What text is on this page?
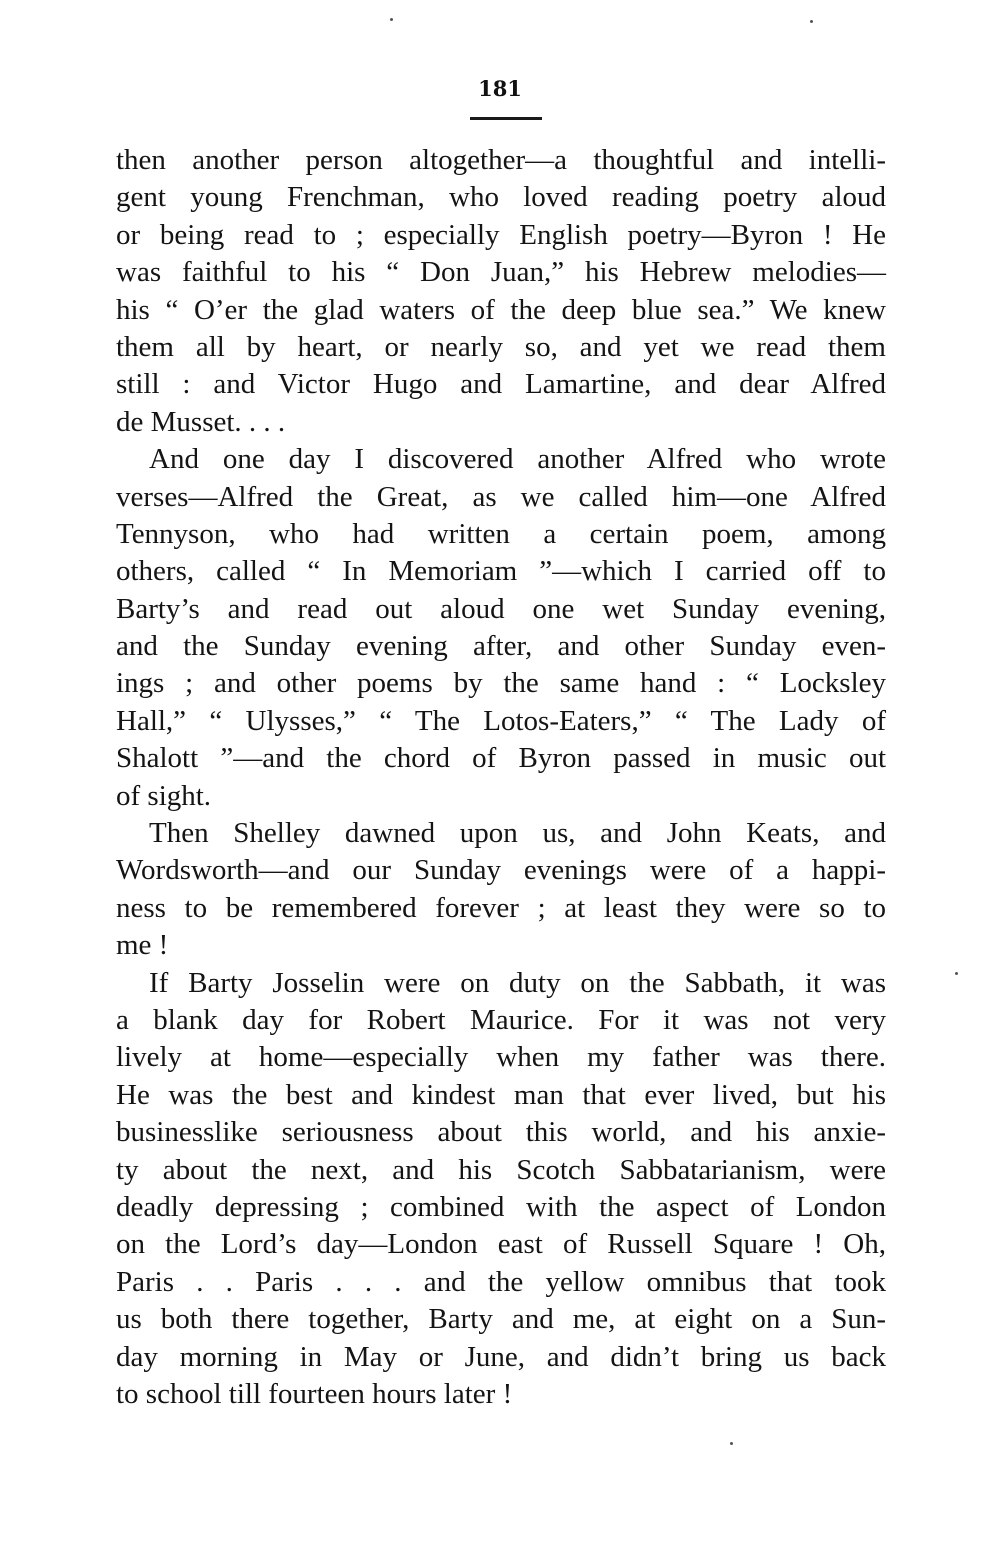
181
then another person altogether—a thoughtful and intelli-
gent young Frenchman, who loved reading poetry aloud
or being read to ; especially English poetry—Byron ! He
was faithful to his “ Don Juan,” his Hebrew melodies—
his “ O’er the glad waters of the deep blue sea.” We knew
them all by heart, or nearly so, and yet we read them
still : and Victor Hugo and Lamartine, and dear Alfred
de Musset. . . .
And one day I discovered another Alfred who wrote
verses—Alfred the Great, as we called him—one Alfred
Tennyson, who had written a certain poem, among
others, called “ In Memoriam ”—which I carried off to
Barty’s and read out aloud one wet Sunday evening,
and the Sunday evening after, and other Sunday even-
ings ; and other poems by the same hand : “ Locksley
Hall,” “ Ulysses,” “ The Lotos-Eaters,” “ The Lady of
Shalott ”—and the chord of Byron passed in music out
of sight.
Then Shelley dawned upon us, and John Keats, and
Wordsworth—and our Sunday evenings were of a happi-
ness to be remembered forever ; at least they were so to
me !
If Barty Josselin were on duty on the Sabbath, it was
a blank day for Robert Maurice. For it was not very
lively at home—especially when my father was there.
He was the best and kindest man that ever lived, but his
businesslike seriousness about this world, and his anxie-
ty about the next, and his Scotch Sabbatarianism, were
deadly depressing ; combined with the aspect of London
on the Lord’s day—London east of Russell Square ! Oh,
Paris . . Paris . . . and the yellow omnibus that took
us both there together, Barty and me, at eight on a Sun-
day morning in May or June, and didn’t bring us back
to school till fourteen hours later !
